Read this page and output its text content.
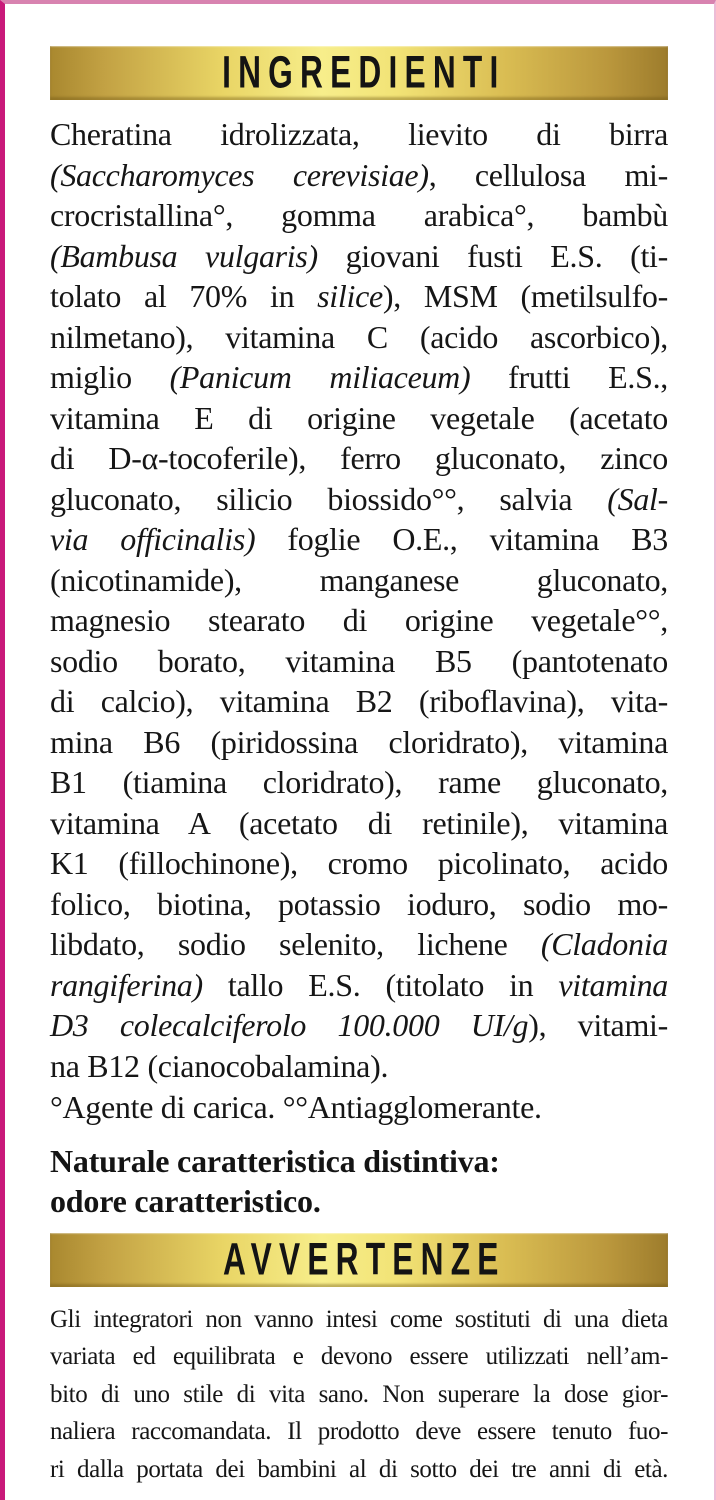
INGREDIENTI
Cheratina idrolizzata, lievito di birra
(Saccharomyces cerevisiae), cellulosa mi-
crocristallina°, gomma arabica°, bambù
(Bambusa vulgaris) giovani fusti E.S. (ti-
tolato al 70% in silice), MSM (metilsulfo-
nilmetano), vitamina C (acido ascorbico),
miglio (Panicum miliaceum) frutti E.S.,
vitamina E di origine vegetale (acetato
di D-α-tocoferile), ferro gluconato, zinco
gluconato, silicio biossido°°, salvia (Sal-
via officinalis) foglie O.E., vitamina B3
(nicotinamide), manganese gluconato,
magnesio stearato di origine vegetale°°,
sodio borato, vitamina B5 (pantotenato
di calcio), vitamina B2 (riboflavina), vita-
mina B6 (piridossina cloridrato), vitamina
B1 (tiamina cloridrato), rame gluconato,
vitamina A (acetato di retinile), vitamina
K1 (fillochinone), cromo picolinato, acido
folico, biotina, potassio ioduro, sodio mo-
libdato, sodio selenito, lichene (Cladonia
rangiferina) tallo E.S. (titolato in vitamina
D3 colecalciferolo 100.000 UI/g), vitami-
na B12 (cianocobalamina).
°Agente di carica. °°Antiagglomerante.
Naturale caratteristica distintiva:
odore caratteristico.
AVVERTENZE
Gli integratori non vanno intesi come sostituti di una dieta
variata ed equilibrata e devono essere utilizzati nell’am-
bito di uno stile di vita sano. Non superare la dose gior-
naliera raccomandata. Il prodotto deve essere tenuto fuo-
ri dalla portata dei bambini al di sotto dei tre anni di età.
